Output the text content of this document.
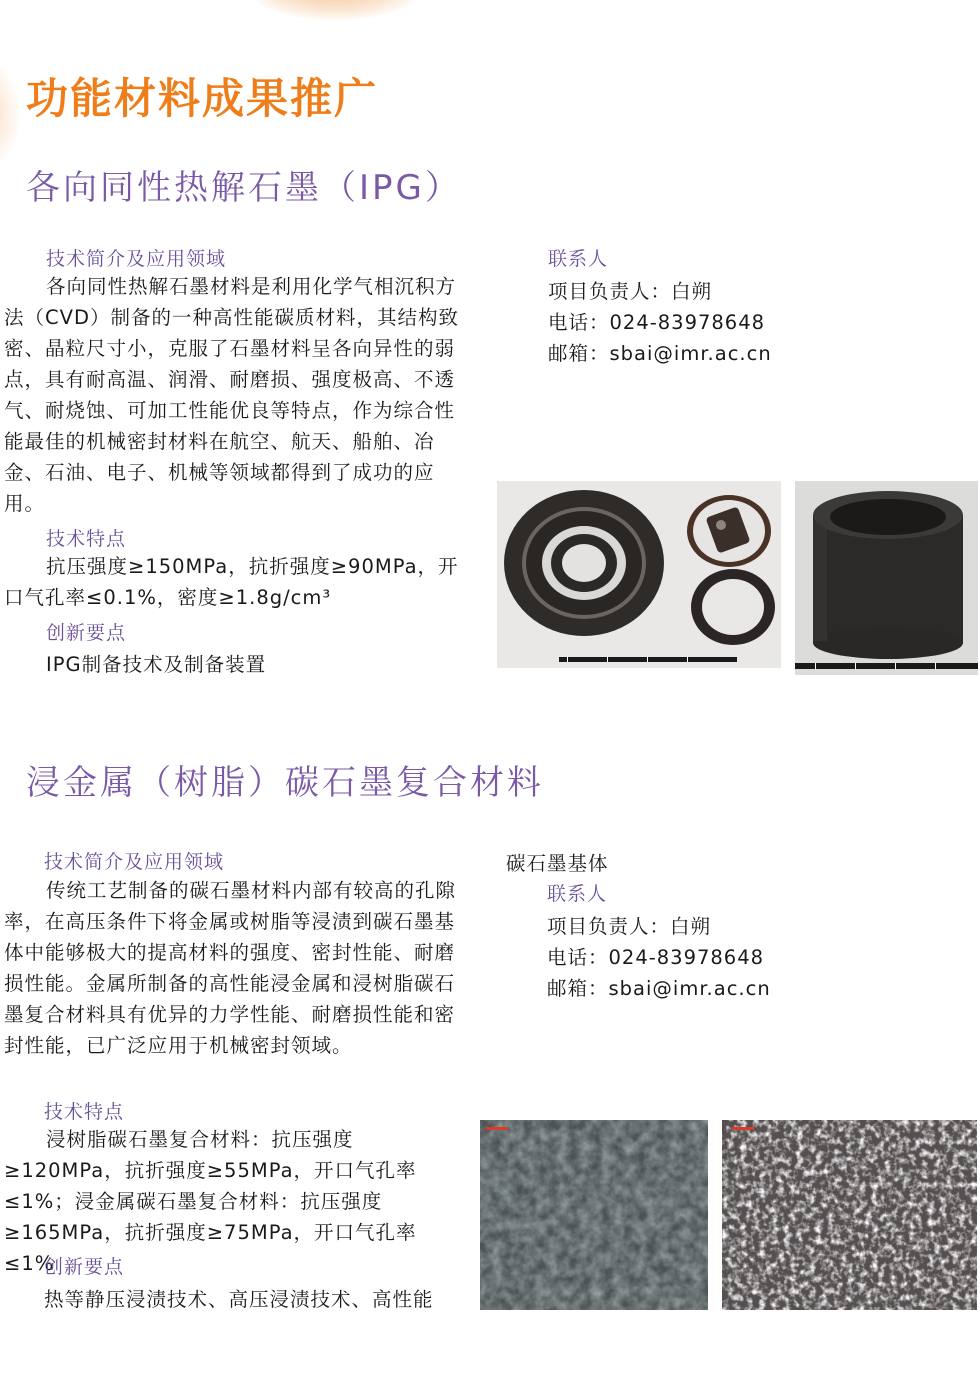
功能材料成果推广
各向同性热解石墨（IPG）
技术简介及应用领域

各向同性热解石墨材料是利用化学气相沉积方法（CVD）制备的一种高性能碳质材料，其结构致密、晶粒尺寸小，克服了石墨材料呈各向异性的弱点，具有耐高温、润滑、耐磨损、强度极高、不透气、耐烧蚀、可加工性能优良等特点，作为综合性能最佳的机械密封材料在航空、航天、船舶、冶金、石油、电子、机械等领域都得到了成功的应用。

技术特点

抗压强度≥150MPa，抗折强度≥90MPa，开口气孔率≤0.1%，密度≥1.8g/cm³

创新要点
IPG制备技术及制备装置
联系人
项目负责人：白朔
电话：024-83978648
邮箱：sbai@imr.ac.cn
浸金属（树脂）碳石墨复合材料
技术简介及应用领域

传统工艺制备的碳石墨材料内部有较高的孔隙率，在高压条件下将金属或树脂等浸渍到碳石墨基体中能够极大的提高材料的强度、密封性能、耐磨损性能。金属所制备的高性能浸金属和浸树脂碳石墨复合材料具有优异的力学性能、耐磨损性能和密封性能，已广泛应用于机械密封领域。

技术特点

浸树脂碳石墨复合材料：抗压强度≥120MPa，抗折强度≥55MPa，开口气孔率≤1%；浸金属碳石墨复合材料：抗压强度≥165MPa，抗折强度≥75MPa，开口气孔率≤1%

创新要点
热等静压浸渍技术、高压浸渍技术、高性能
碳石墨基体
联系人
项目负责人：白朔
电话：024-83978648
邮箱：sbai@imr.ac.cn
